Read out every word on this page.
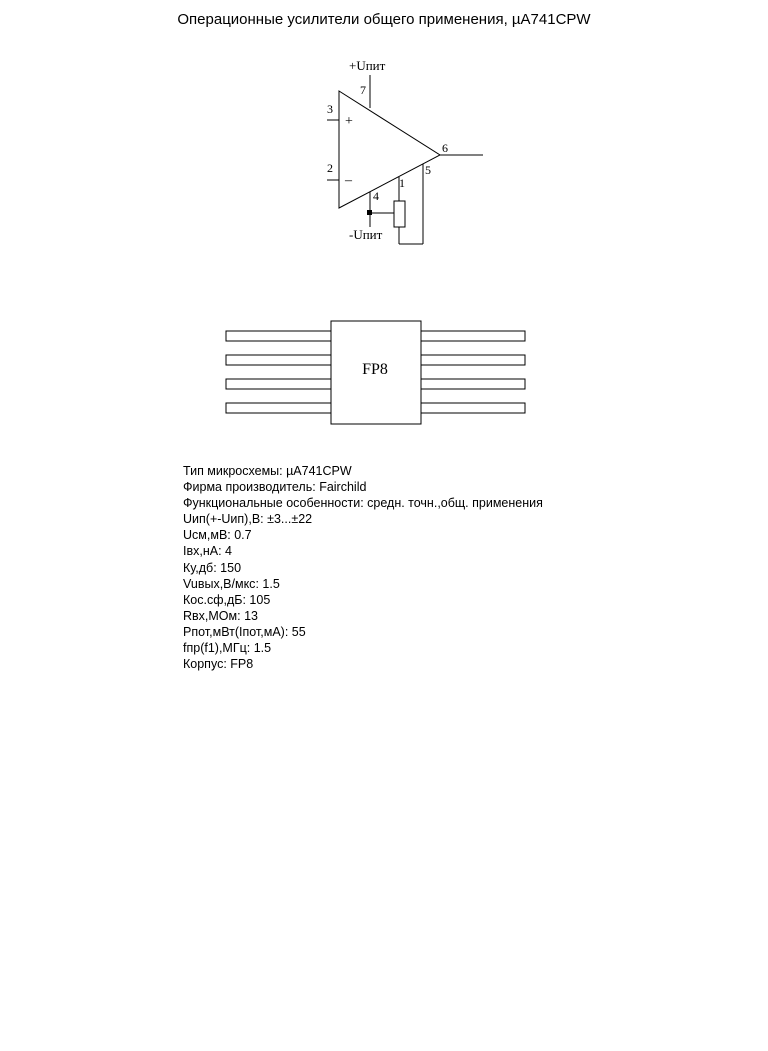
Операционные усилители общего применения, µA741CPW
+
–
+Uпит
-Uпит
7
3
2
6
4
1
5
FP8
Тип микросхемы: µA741CPW
Фирма производитель: Fairchild
Функциональные особенности: средн. точн.,общ. применения
Uип(+-Uип),В: ±3...±22
Uсм,мВ: 0.7
Iвх,нА: 4
Ку,дб: 150
Vuвых,В/мкс: 1.5
Кос.сф,дБ: 105
Rвх,МОм: 13
Pпот,мВт(Iпот,мА): 55
fпр(f1),МГц: 1.5
Корпус: FP8
